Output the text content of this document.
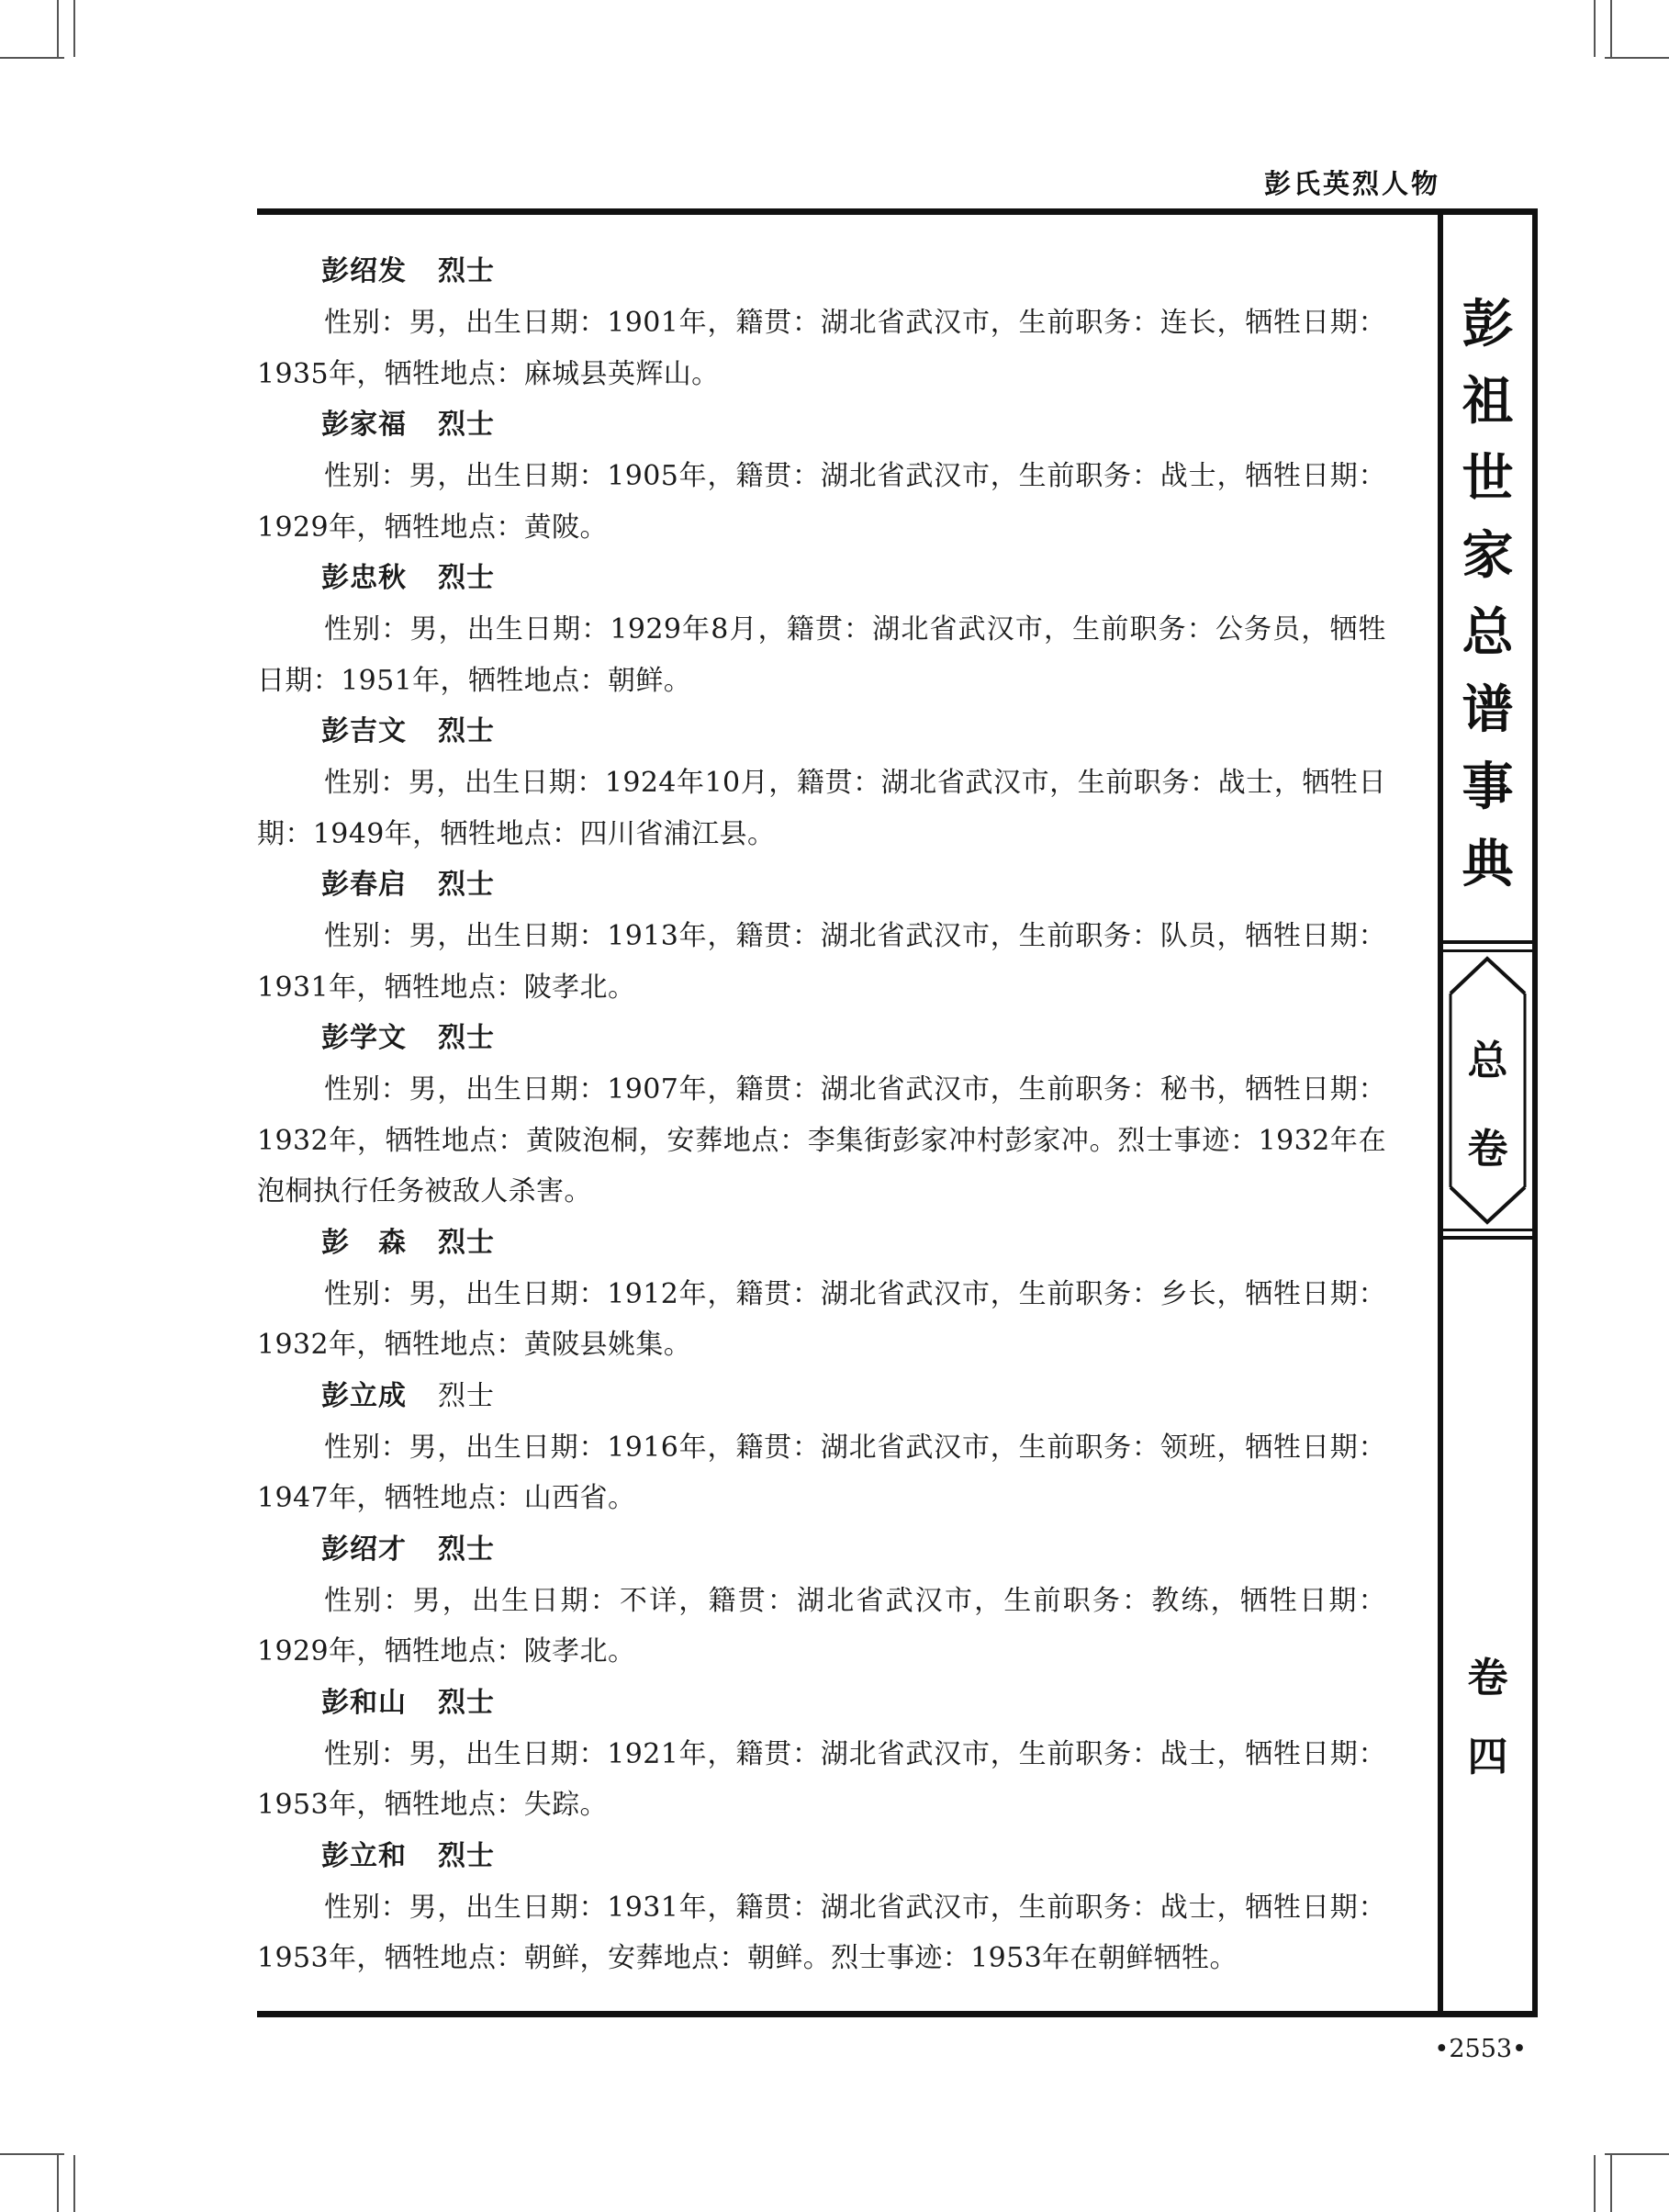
彭氏英烈人物
彭
祖
世
家
总
谱
事
典
总
卷
卷
四

彭绍发 烈士

性别：男，出生日期：1901年，籍贯：湖北省武汉市，生前职务：连长，牺牲日期：1935年，牺牲地点：麻城县英辉山。

彭家福 烈士

性别：男，出生日期：1905年，籍贯：湖北省武汉市，生前职务：战士，牺牲日期：1929年，牺牲地点：黄陂。

彭忠秋 烈士

性别：男，出生日期：1929年8月，籍贯：湖北省武汉市，生前职务：公务员，牺牲日期：1951年，牺牲地点：朝鲜。

彭吉文 烈士

性别：男，出生日期：1924年10月，籍贯：湖北省武汉市，生前职务：战士，牺牲日期：1949年，牺牲地点：四川省浦江县。

彭春启 烈士

性别：男，出生日期：1913年，籍贯：湖北省武汉市，生前职务：队员，牺牲日期：1931年，牺牲地点：陂孝北。

彭学文 烈士

性别：男，出生日期：1907年，籍贯：湖北省武汉市，生前职务：秘书，牺牲日期：1932年，牺牲地点：黄陂泡桐，安葬地点：李集街彭家冲村彭家冲。烈士事迹：1932年在泡桐执行任务被敌人杀害。

彭　森 烈士

性别：男，出生日期：1912年，籍贯：湖北省武汉市，生前职务：乡长，牺牲日期：1932年，牺牲地点：黄陂县姚集。

彭立成 烈士

性别：男，出生日期：1916年，籍贯：湖北省武汉市，生前职务：领班，牺牲日期：1947年，牺牲地点：山西省。

彭绍才 烈士

性别：男，出生日期：不详，籍贯：湖北省武汉市，生前职务：教练，牺牲日期：1929年，牺牲地点：陂孝北。

彭和山 烈士

性别：男，出生日期：1921年，籍贯：湖北省武汉市，生前职务：战士，牺牲日期：1953年，牺牲地点：失踪。

彭立和 烈士

性别：男，出生日期：1931年，籍贯：湖北省武汉市，生前职务：战士，牺牲日期：1953年，牺牲地点：朝鲜，安葬地点：朝鲜。烈士事迹：1953年在朝鲜牺牲。

•2553•
